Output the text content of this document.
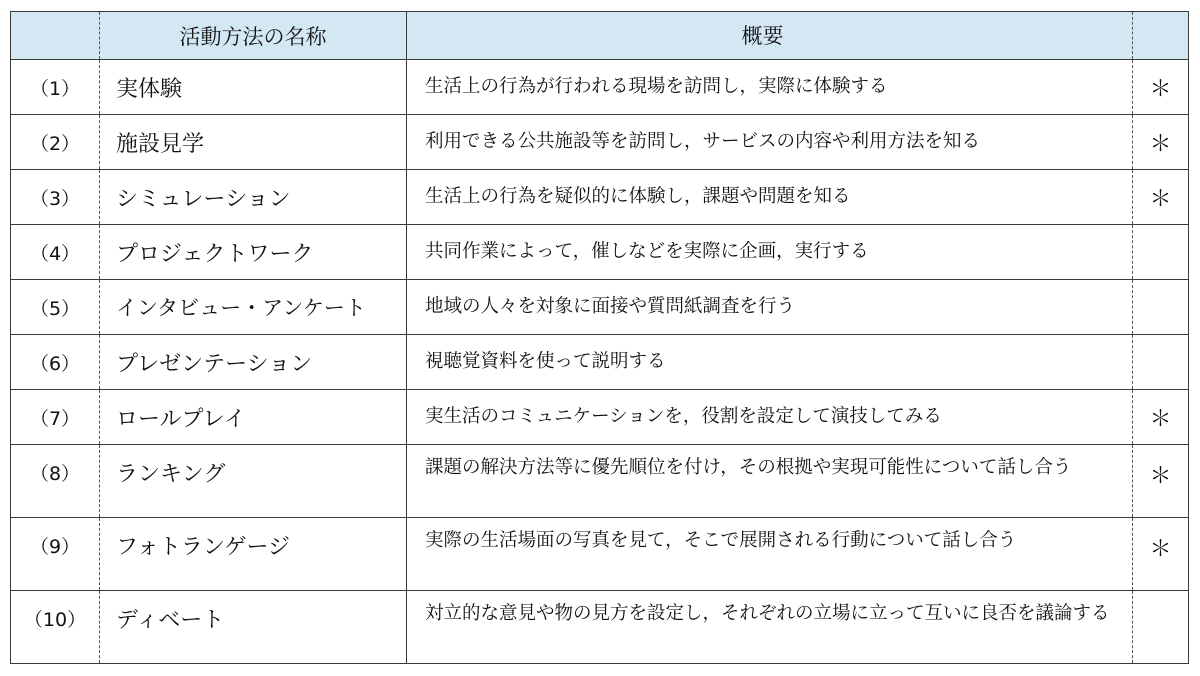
	活動方法の名称	概要	
（1）	実体験	生活上の行為が行われる現場を訪問し，実際に体験する	＊
（2）	施設見学	利用できる公共施設等を訪問し，サービスの内容や利用方法を知る	＊
（3）	シミュレーション	生活上の行為を疑似的に体験し，課題や問題を知る	＊
（4）	プロジェクトワーク	共同作業によって，催しなどを実際に企画，実行する	
（5）	インタビュー・アンケート	地域の人々を対象に面接や質問紙調査を行う	
（6）	プレゼンテーション	視聴覚資料を使って説明する	
（7）	ロールプレイ	実生活のコミュニケーションを，役割を設定して演技してみる	＊
（8）	ランキング	課題の解決方法等に優先順位を付け，その根拠や実現可能性について話し合う	＊
（9）	フォトランゲージ	実際の生活場面の写真を見て，そこで展開される行動について話し合う	＊
（10）	ディベート	対立的な意見や物の見方を設定し，それぞれの立場に立って互いに良否を議論する	
